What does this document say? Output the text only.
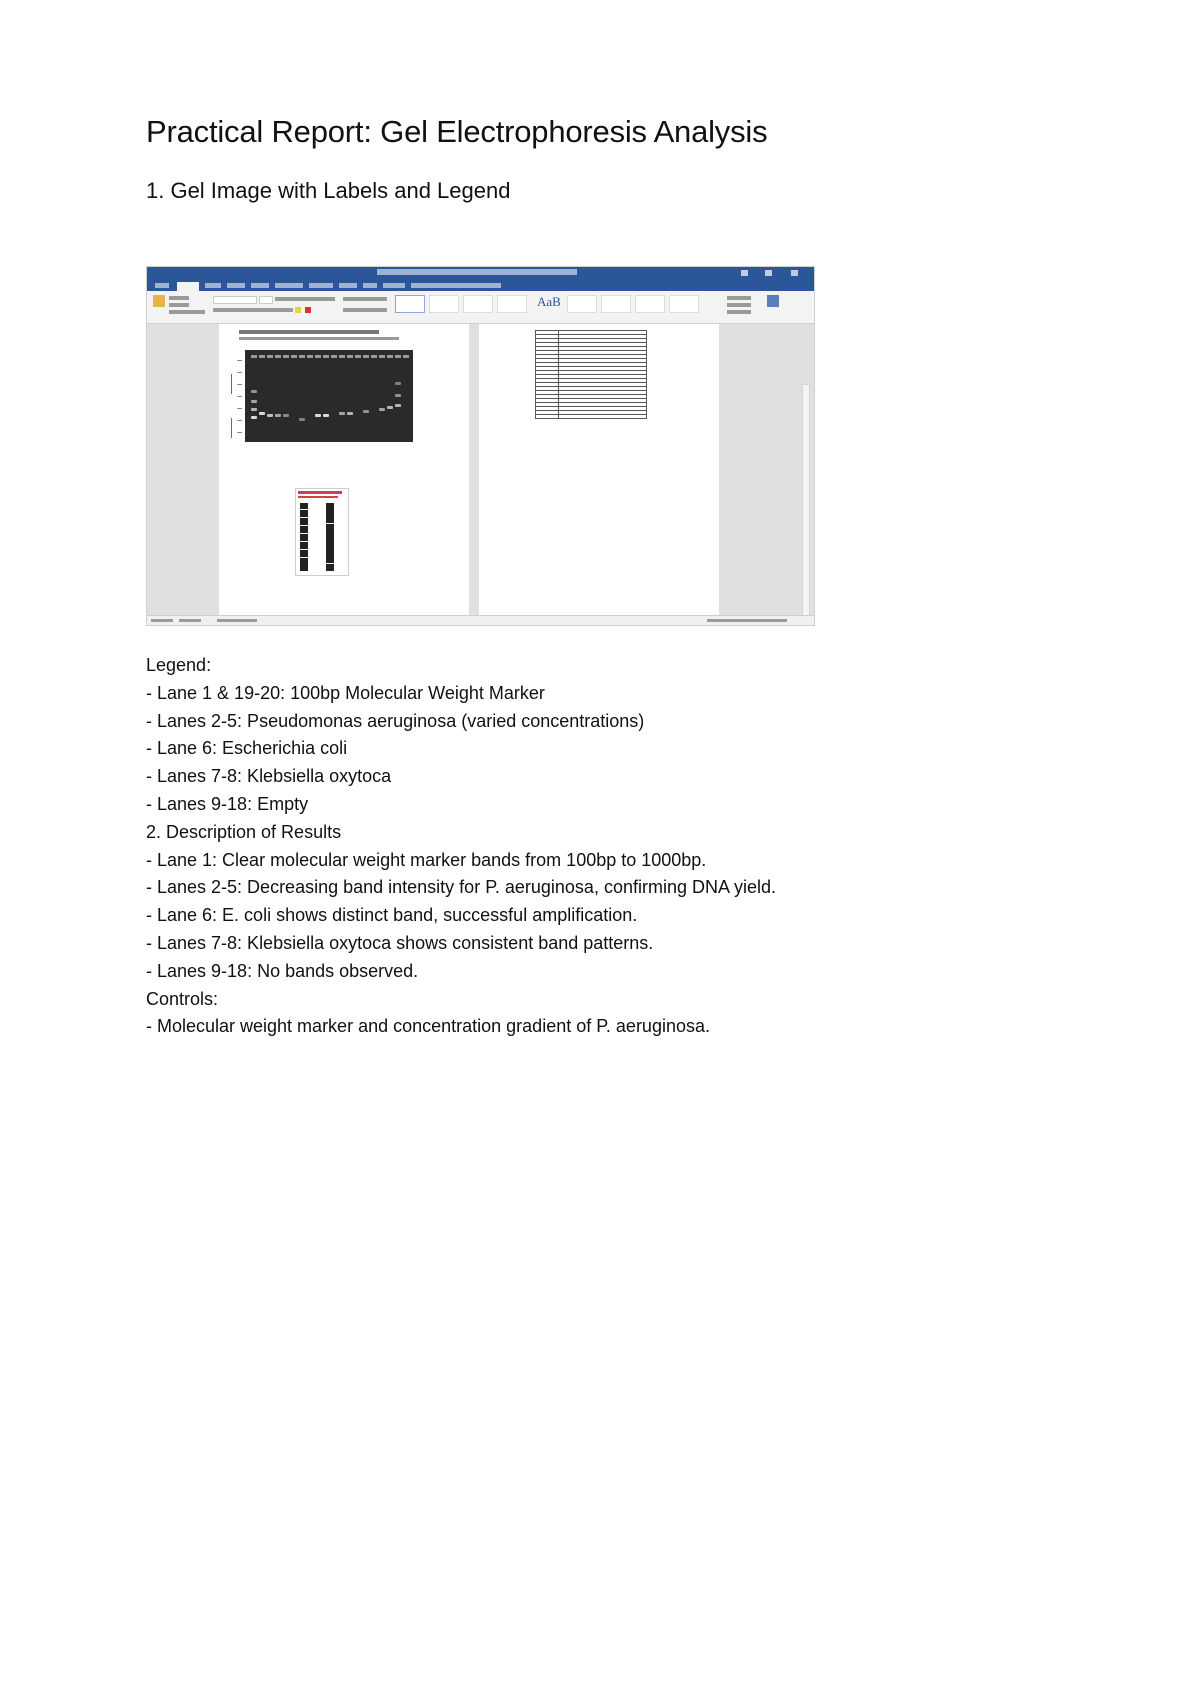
Practical Report: Gel Electrophoresis Analysis
1. Gel Image with Labels and Legend
AaB

Legend:

- Lane 1 & 19-20: 100bp Molecular Weight Marker

- Lanes 2-5: Pseudomonas aeruginosa (varied concentrations)

- Lane 6: Escherichia coli

- Lanes 7-8: Klebsiella oxytoca

- Lanes 9-18: Empty

2. Description of Results

- Lane 1: Clear molecular weight marker bands from 100bp to 1000bp.

- Lanes 2-5: Decreasing band intensity for P. aeruginosa, confirming DNA yield.

- Lane 6: E. coli shows distinct band, successful amplification.

- Lanes 7-8: Klebsiella oxytoca shows consistent band patterns.

- Lanes 9-18: No bands observed.

Controls:

- Molecular weight marker and concentration gradient of P. aeruginosa.
